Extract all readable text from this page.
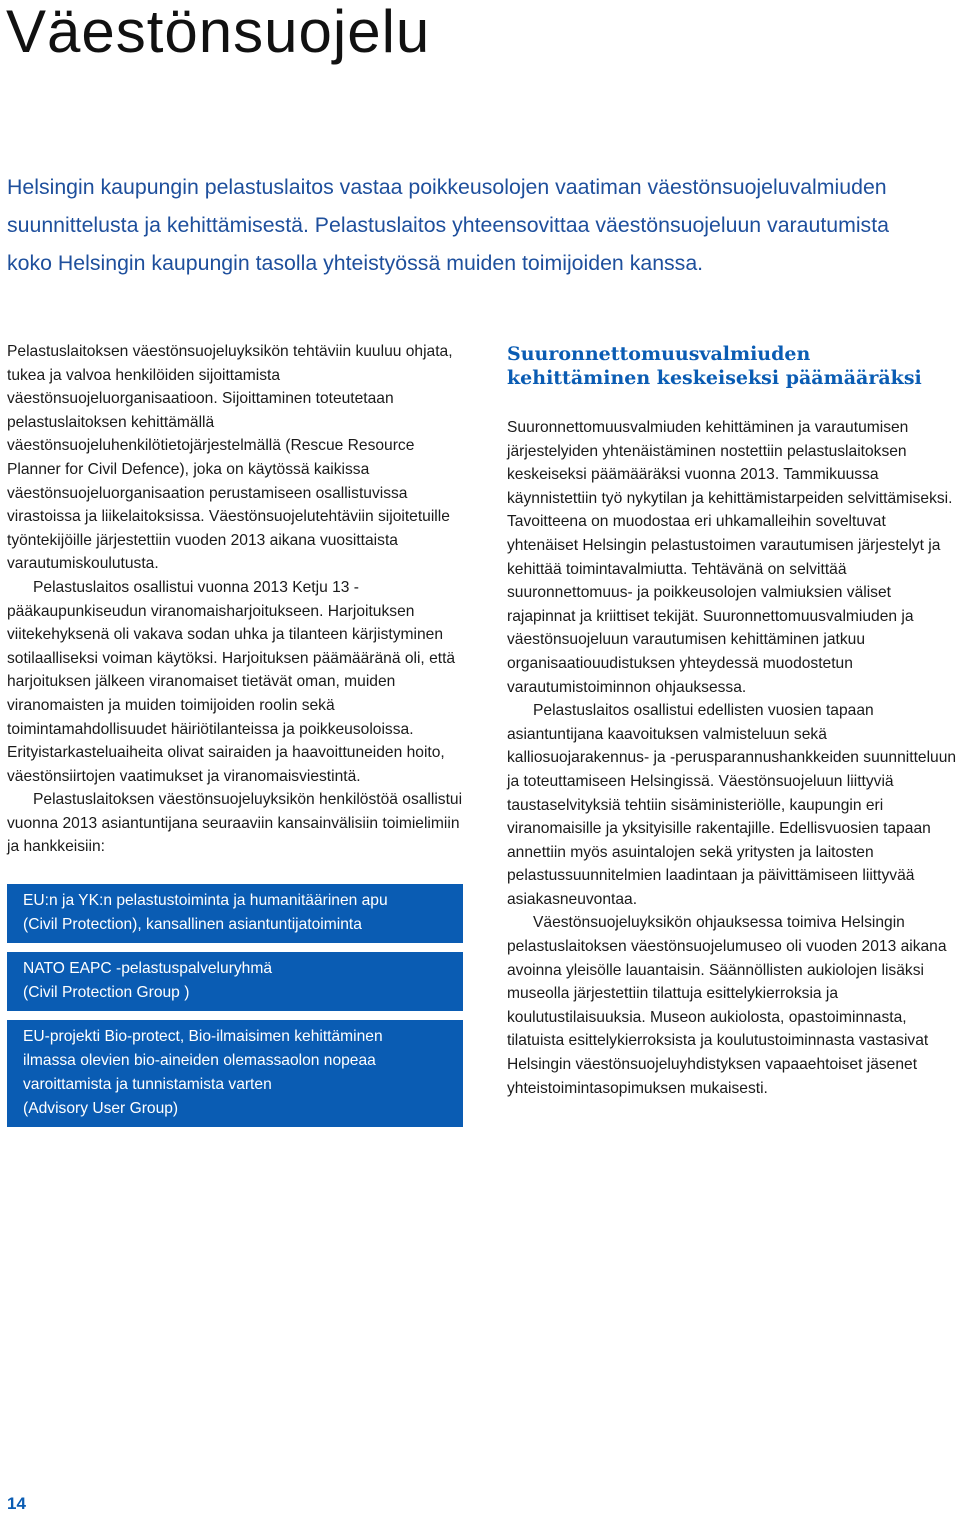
Väestönsuojelu

Helsingin kaupungin pelastuslaitos vastaa poikkeusolojen vaatiman väestönsuojeluvalmiuden suunnittelusta ja kehittämisestä. Pelastuslaitos yhteensovittaa väestönsuojeluun varautumista koko Helsingin kaupungin tasolla yhteistyössä muiden toimijoiden kanssa.

Pelastuslaitoksen väestönsuojeluyksikön tehtäviin kuuluu ohjata, tukea ja valvoa henkilöiden sijoittamista väestönsuojeluorganisaatioon. Sijoittaminen toteutetaan pelastuslaitoksen kehittämällä väestönsuojeluhenkilötietojärjestelmällä (Rescue Resource Planner for Civil Defence), joka on käytössä kaikissa väestönsuojeluorganisaation perustamiseen osallistuvissa virastoissa ja liikelaitoksissa. Väestönsuojelutehtäviin sijoitetuille työntekijöille järjestettiin vuoden 2013 aikana vuosittaista varautumiskoulutusta.

Pelastuslaitos osallistui vuonna 2013 Ketju 13 - pääkaupunkiseudun viranomaisharjoitukseen. Harjoituksen viitekehyksenä oli vakava sodan uhka ja tilanteen kärjistyminen sotilaalliseksi voiman käytöksi. Harjoituksen päämääränä oli, että harjoituksen jälkeen viranomaiset tietävät oman, muiden viranomaisten ja muiden toimijoiden roolin sekä toimintamahdollisuudet häiriötilanteissa ja poikkeusoloissa. Erityistarkasteluaiheita olivat sairaiden ja haavoittuneiden hoito, väestönsiirtojen vaatimukset ja viranomaisviestintä.

Pelastuslaitoksen väestönsuojeluyksikön henkilöstöä osallistui vuonna 2013 asiantuntijana seuraaviin kansainvälisiin toimielimiin ja hankkeisiin:

EU:n ja YK:n pelastustoiminta ja humanitäärinen apu
(Civil Protection), kansallinen asiantuntijatoiminta
NATO EAPC -pelastuspalveluryhmä
(Civil Protection Group )
EU-projekti Bio-protect, Bio-ilmaisimen kehittäminen
ilmassa olevien bio-aineiden olemassaolon nopeaa
varoittamista ja tunnistamista varten
(Advisory User Group)
Suuronnettomuusvalmiuden
kehittäminen keskeiseksi päämääräksi

Suuronnettomuusvalmiuden kehittäminen ja varautumisen järjestelyiden yhtenäistäminen nostettiin pelastuslaitoksen keskeiseksi päämääräksi vuonna 2013. Tammikuussa käynnistettiin työ nykytilan ja kehittämistarpeiden selvittämiseksi. Tavoitteena on muodostaa eri uhkamalleihin soveltuvat yhtenäiset Helsingin pelastustoimen varautumisen järjestelyt ja kehittää toimintavalmiutta. Tehtävänä on selvittää suuronnettomuus- ja poikkeusolojen valmiuksien väliset rajapinnat ja kriittiset tekijät. Suuronnettomuusvalmiuden ja väestönsuojeluun varautumisen kehittäminen jatkuu organisaatiouudistuksen yhteydessä muodostetun varautumistoiminnon ohjauksessa.

Pelastuslaitos osallistui edellisten vuosien tapaan asiantuntijana kaavoituksen valmisteluun sekä kalliosuojarakennus- ja -perusparannushankkeiden suunnitteluun ja toteuttamiseen Helsingissä. Väestönsuojeluun liittyviä taustaselvityksiä tehtiin sisäministeriölle, kaupungin eri viranomaisille ja yksityisille rakentajille. Edellisvuosien tapaan annettiin myös asuintalojen sekä yritysten ja laitosten pelastussuunnitelmien laadintaan ja päivittämiseen liittyvää asiakasneuvontaa.

Väestönsuojeluyksikön ohjauksessa toimiva Helsingin pelastuslaitoksen väestönsuojelumuseo oli vuoden 2013 aikana avoinna yleisölle lauantaisin. Säännöllisten aukiolojen lisäksi museolla järjestettiin tilattuja esittelykierroksia ja koulutustilaisuuksia. Museon aukiolosta, opastoiminnasta, tilatuista esittelykierroksista ja koulutustoiminnasta vastasivat Helsingin väestönsuojeluyhdistyksen vapaaehtoiset jäsenet yhteistoimintasopimuksen mukaisesti.

14
